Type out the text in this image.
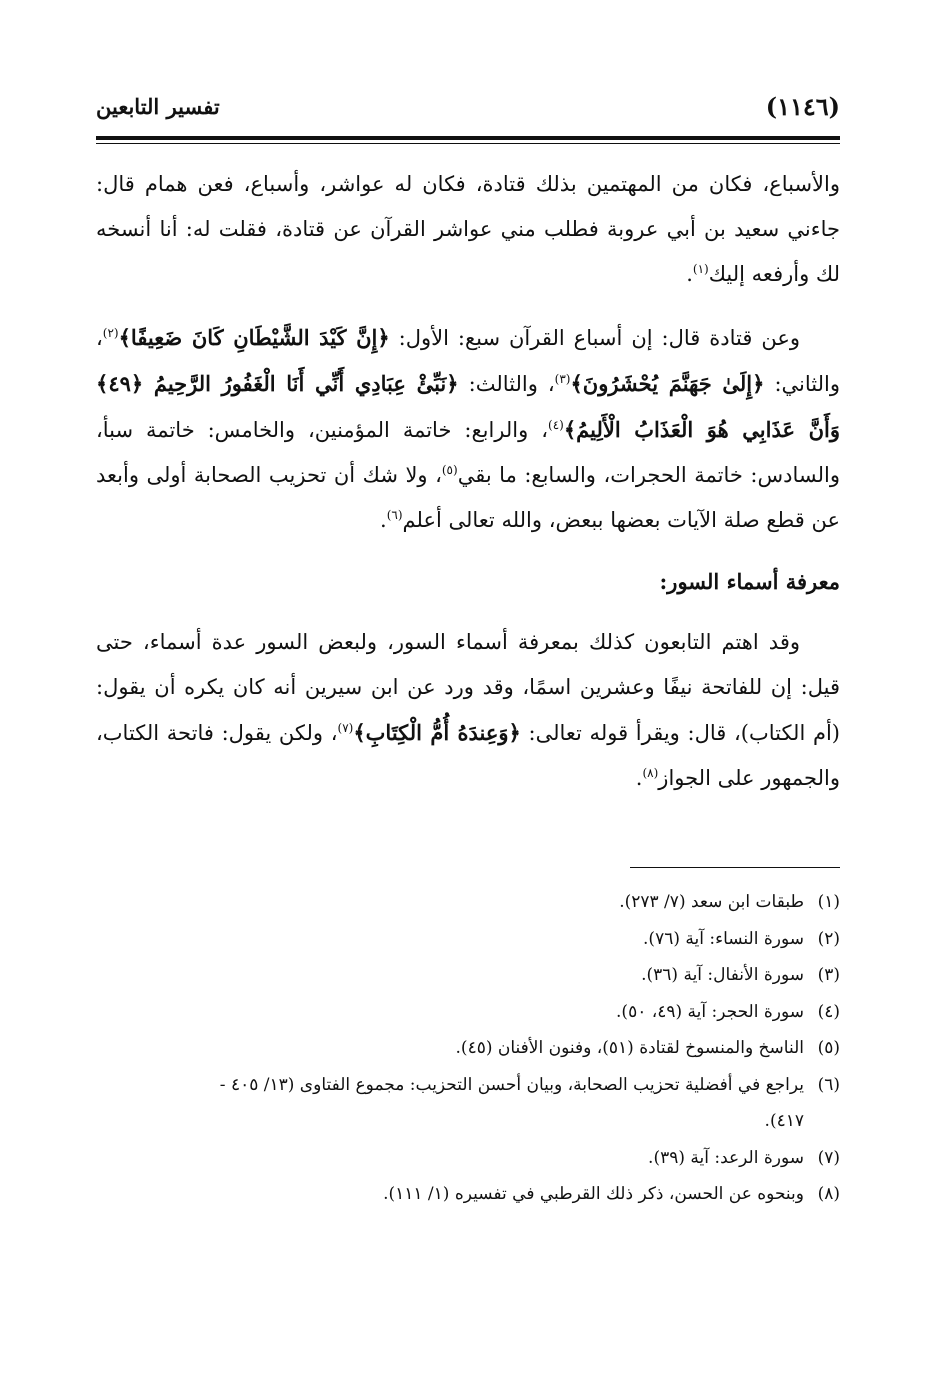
(١١٤٦)
تفسير التابعين

والأسباع، فكان من المهتمين بذلك قتادة، فكان له عواشر، وأسباع، فعن همام قال: جاءني سعيد بن أبي عروبة فطلب مني عواشر القرآن عن قتادة، فقلت له: أنا أنسخه لك وأرفعه إليك$^{(١)}$.

وعن قتادة قال: إن أسباع القرآن سبع: الأول: ﴿إِنَّ كَيْدَ الشَّيْطَانِ كَانَ ضَعِيفًا﴾$^{(٢)}$، والثاني: ﴿إِلَىٰ جَهَنَّمَ يُحْشَرُونَ﴾$^{(٣)}$، والثالث: ﴿نَبِّئْ عِبَادِي أَنِّي أَنَا الْغَفُورُ الرَّحِيمُ ﴿٤٩﴾ وَأَنَّ عَذَابِي هُوَ الْعَذَابُ الْأَلِيمُ﴾$^{(٤)}$، والرابع: خاتمة المؤمنين، والخامس: خاتمة سبأ، والسادس: خاتمة الحجرات، والسابع: ما بقي$^{(٥)}$، ولا شك أن تحزيب الصحابة أولى وأبعد عن قطع صلة الآيات بعضها ببعض، والله تعالى أعلم$^{(٦)}$.

معرفة أسماء السور:

وقد اهتم التابعون كذلك بمعرفة أسماء السور، ولبعض السور عدة أسماء، حتى قيل: إن للفاتحة نيفًا وعشرين اسمًا، وقد ورد عن ابن سيرين أنه كان يكره أن يقول: (أم الكتاب)، قال: ويقرأ قوله تعالى: ﴿وَعِندَهُ أُمُّ الْكِتَابِ﴾$^{(٧)}$، ولكن يقول: فاتحة الكتاب، والجمهور على الجواز$^{(٨)}$.

(١)طبقات ابن سعد (٧/ ٢٧٣).

(٢)سورة النساء: آية (٧٦).

(٣)سورة الأنفال: آية (٣٦).

(٤)سورة الحجر: آية (٤٩، ٥٠).

(٥)الناسخ والمنسوخ لقتادة (٥١)، وفنون الأفنان (٤٥).

(٦)يراجع في أفضلية تحزيب الصحابة، وبيان أحسن التحزيب: مجموع الفتاوى (١٣/ ٤٠٥ -

٤١٧).

(٧)سورة الرعد: آية (٣٩).

(٨)وبنحوه عن الحسن، ذكر ذلك القرطبي في تفسيره (١/ ١١١).
